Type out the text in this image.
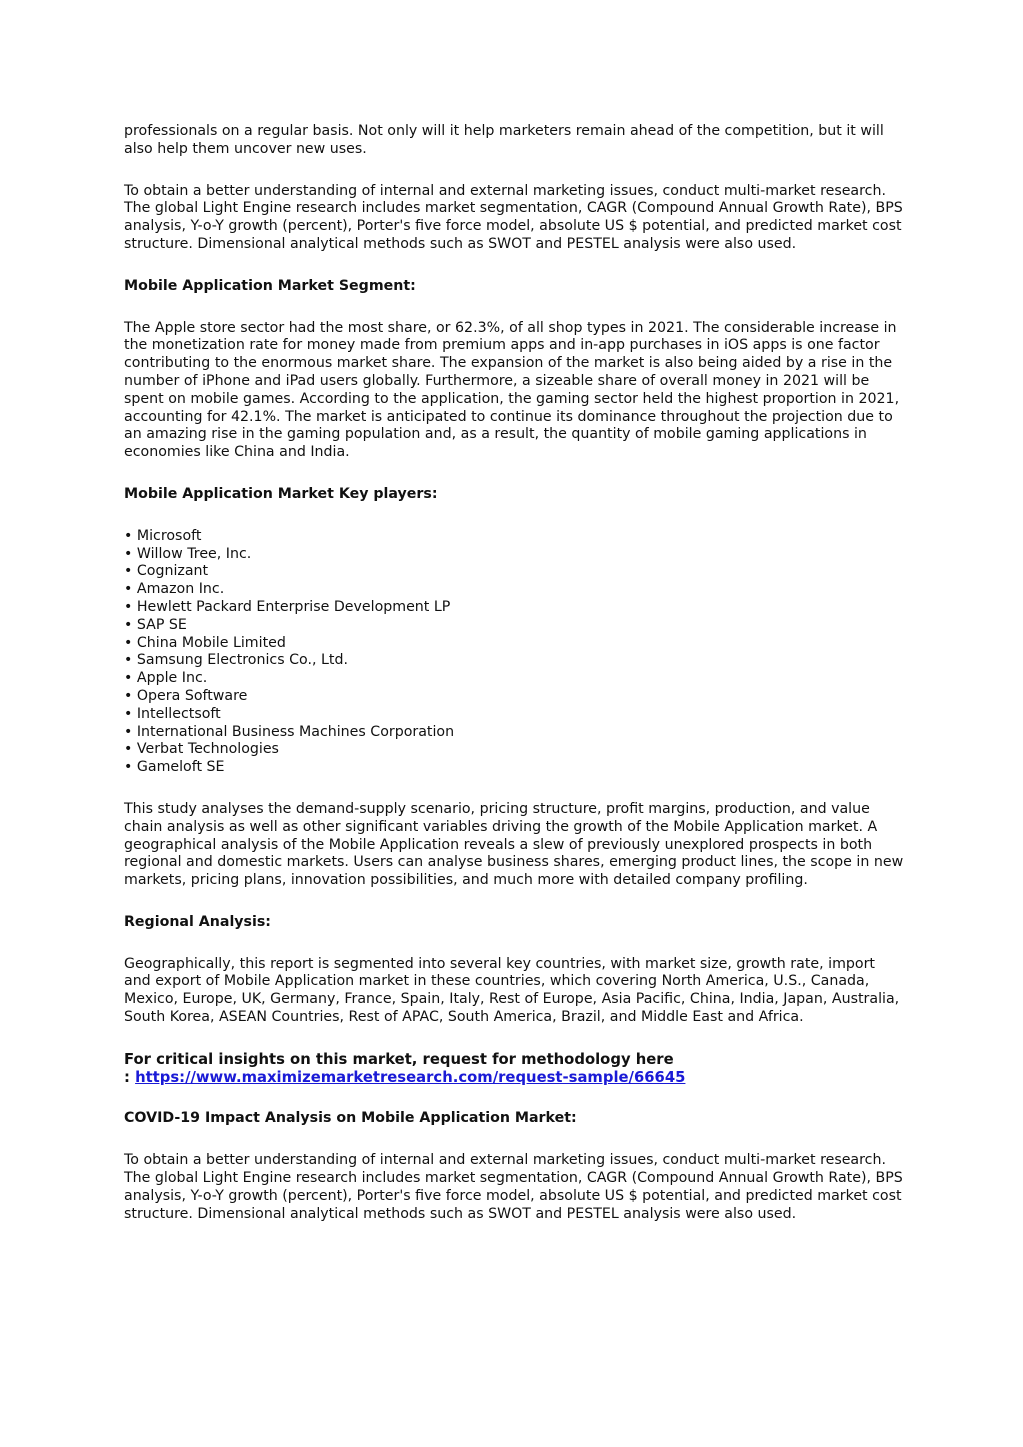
professionals on a regular basis. Not only will it help marketers remain ahead of the competition, but it will also help them uncover new uses.

To obtain a better understanding of internal and external marketing issues, conduct multi-market research. The global Light Engine research includes market segmentation, CAGR (Compound Annual Growth Rate), BPS analysis, Y-o-Y growth (percent), Porter's five force model, absolute US $ potential, and predicted market cost structure. Dimensional analytical methods such as SWOT and PESTEL analysis were also used.

Mobile Application Market Segment:

The Apple store sector had the most share, or 62.3%, of all shop types in 2021. The considerable increase in the monetization rate for money made from premium apps and in-app purchases in iOS apps is one factor contributing to the enormous market share. The expansion of the market is also being aided by a rise in the number of iPhone and iPad users globally. Furthermore, a sizeable share of overall money in 2021 will be spent on mobile games. According to the application, the gaming sector held the highest proportion in 2021, accounting for 42.1%. The market is anticipated to continue its dominance throughout the projection due to an amazing rise in the gaming population and, as a result, the quantity of mobile gaming applications in economies like China and India.

Mobile Application Market Key players:

• Microsoft
• Willow Tree, Inc.
• Cognizant
• Amazon Inc.
• Hewlett Packard Enterprise Development LP
• SAP SE
• China Mobile Limited
• Samsung Electronics Co., Ltd.
• Apple Inc.
• Opera Software
• Intellectsoft
• International Business Machines Corporation
• Verbat Technologies
• Gameloft SE

This study analyses the demand-supply scenario, pricing structure, profit margins, production, and value chain analysis as well as other significant variables driving the growth of the Mobile Application market. A geographical analysis of the Mobile Application reveals a slew of previously unexplored prospects in both regional and domestic markets. Users can analyse business shares, emerging product lines, the scope in new markets, pricing plans, innovation possibilities, and much more with detailed company profiling.

Regional Analysis:

Geographically, this report is segmented into several key countries, with market size, growth rate, import and export of Mobile Application market in these countries, which covering North America, U.S., Canada, Mexico, Europe, UK, Germany, France, Spain, Italy, Rest of Europe, Asia Pacific, China, India, Japan, Australia, South Korea, ASEAN Countries, Rest of APAC, South America, Brazil, and Middle East and Africa.

For critical insights on this market, request for methodology here
: https://www.maximizemarketresearch.com/request-sample/66645

COVID-19 Impact Analysis on Mobile Application Market:

To obtain a better understanding of internal and external marketing issues, conduct multi-market research. The global Light Engine research includes market segmentation, CAGR (Compound Annual Growth Rate), BPS analysis, Y-o-Y growth (percent), Porter's five force model, absolute US $ potential, and predicted market cost structure. Dimensional analytical methods such as SWOT and PESTEL analysis were also used.
